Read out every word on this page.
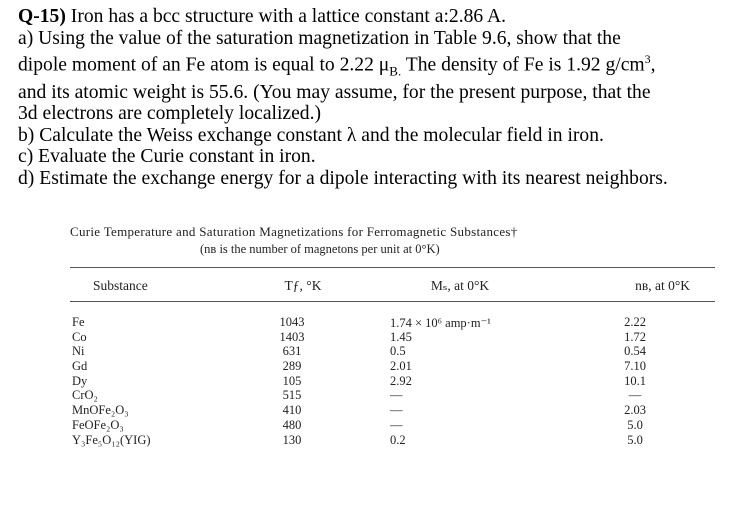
Q-15) Iron has a bcc structure with a lattice constant a:2.86 A.
a) Using the value of the saturation magnetization in Table 9.6, show that the
dipole moment of an Fe atom is equal to 2.22 $\mu_{B.}$ The density of Fe is 1.92 $g/cm^3$,
and its atomic weight is 55.6. (You may assume, for the present purpose, that the
3d electrons are completely localized.)
b) Calculate the Weiss exchange constant λ and the molecular field in iron.
c) Evaluate the Curie constant in iron.
d) Estimate the exchange energy for a dipole interacting with its nearest neighbors.
Curie Temperature and Saturation Magnetizations for Ferromagnetic Substances†
(nʙ is the number of magnetons per unit at 0°K)
Substance	Tƒ, °K	Mₛ, at 0°K	nʙ, at 0°K
Fe	1043	1.74 × 10⁶ amp·m⁻¹	2.22
Co	1403	1.45	1.72
Ni	631	0.5	0.54
Gd	289	2.01	7.10
Dy	105	2.92	10.1
CrO₂	515	—	—
MnOFe₂O₃	410	—	2.03
FeOFe₂O₃	480	—	5.0
Y₃Fe₅O₁₂(YIG)	130	0.2	5.0
